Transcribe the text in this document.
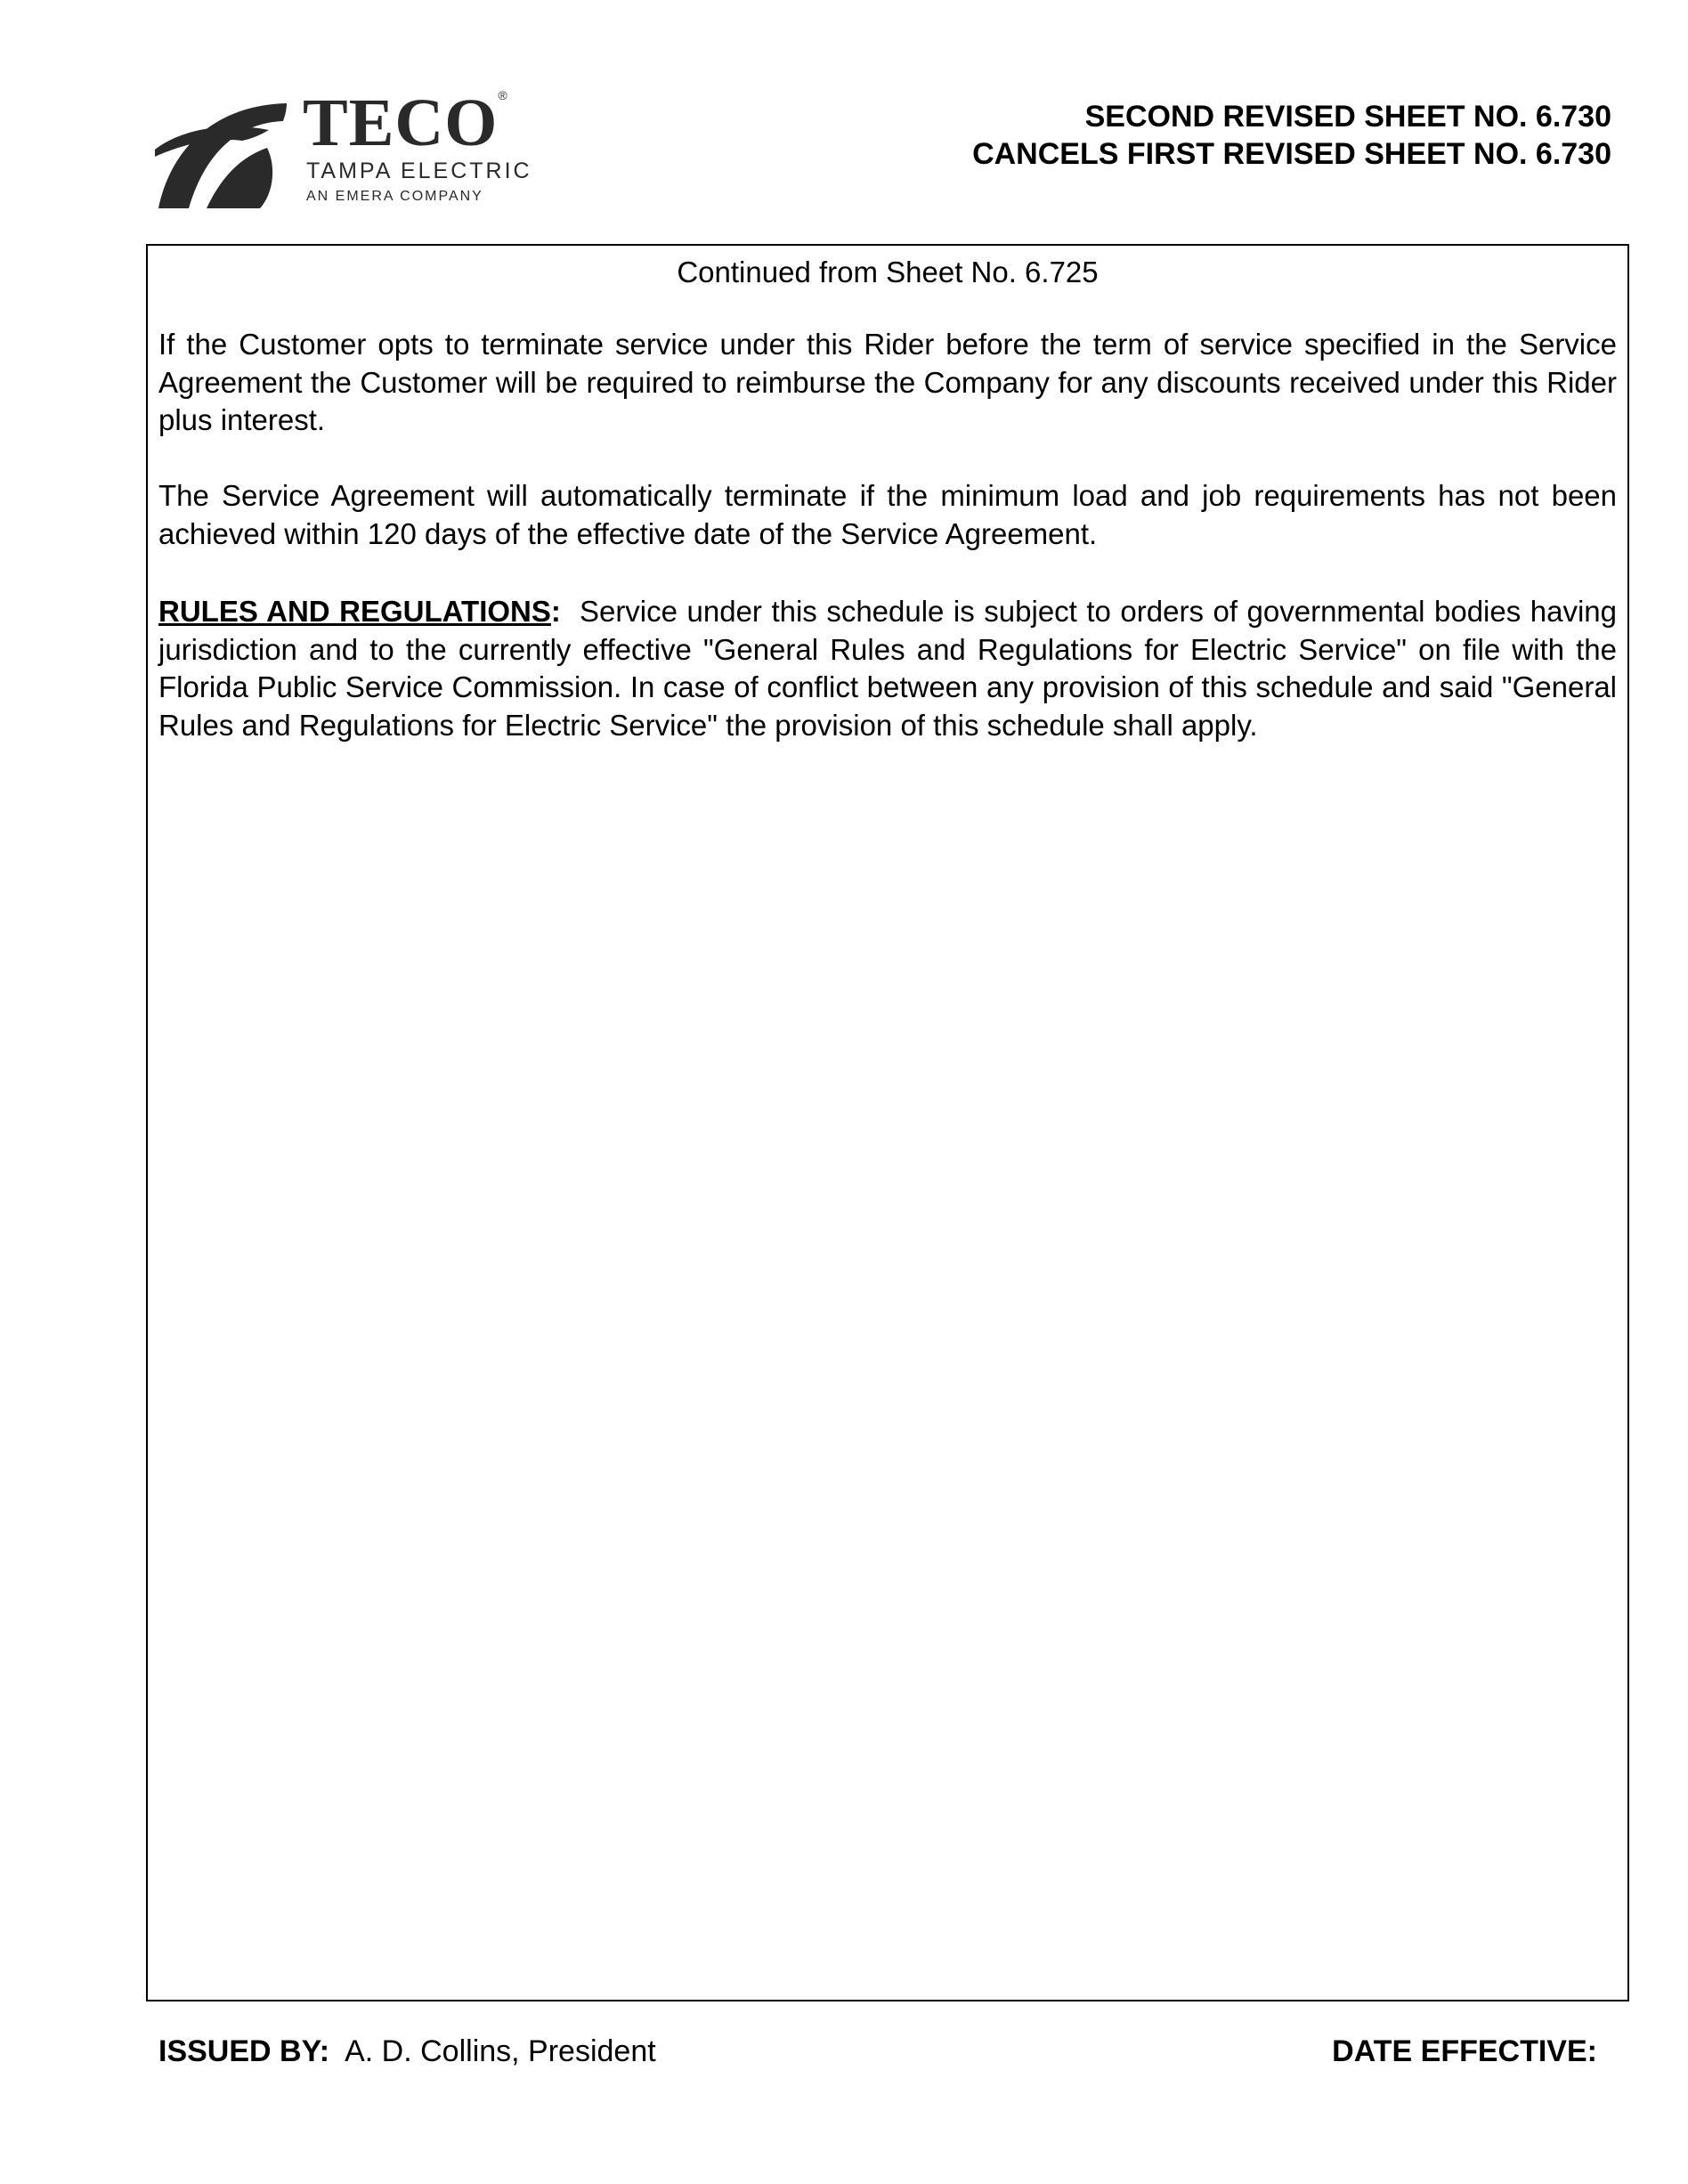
TECO®
TAMPA ELECTRIC
AN EMERA COMPANY
SECOND REVISED SHEET NO. 6.730
CANCELS FIRST REVISED SHEET NO. 6.730
Continued from Sheet No. 6.725
If the Customer opts to terminate service under this Rider before the term of service specified in the Service Agreement the Customer will be required to reimburse the Company for any discounts received under this Rider plus interest.
The Service Agreement will automatically terminate if the minimum load and job requirements has not been achieved within 120 days of the effective date of the Service Agreement.
RULES AND REGULATIONS: Service under this schedule is subject to orders of governmental bodies having jurisdiction and to the currently effective "General Rules and Regulations for Electric Service" on file with the Florida Public Service Commission. In case of conflict between any provision of this schedule and said "General Rules and Regulations for Electric Service" the provision of this schedule shall apply.
ISSUED BY: A. D. Collins, President	DATE EFFECTIVE:
